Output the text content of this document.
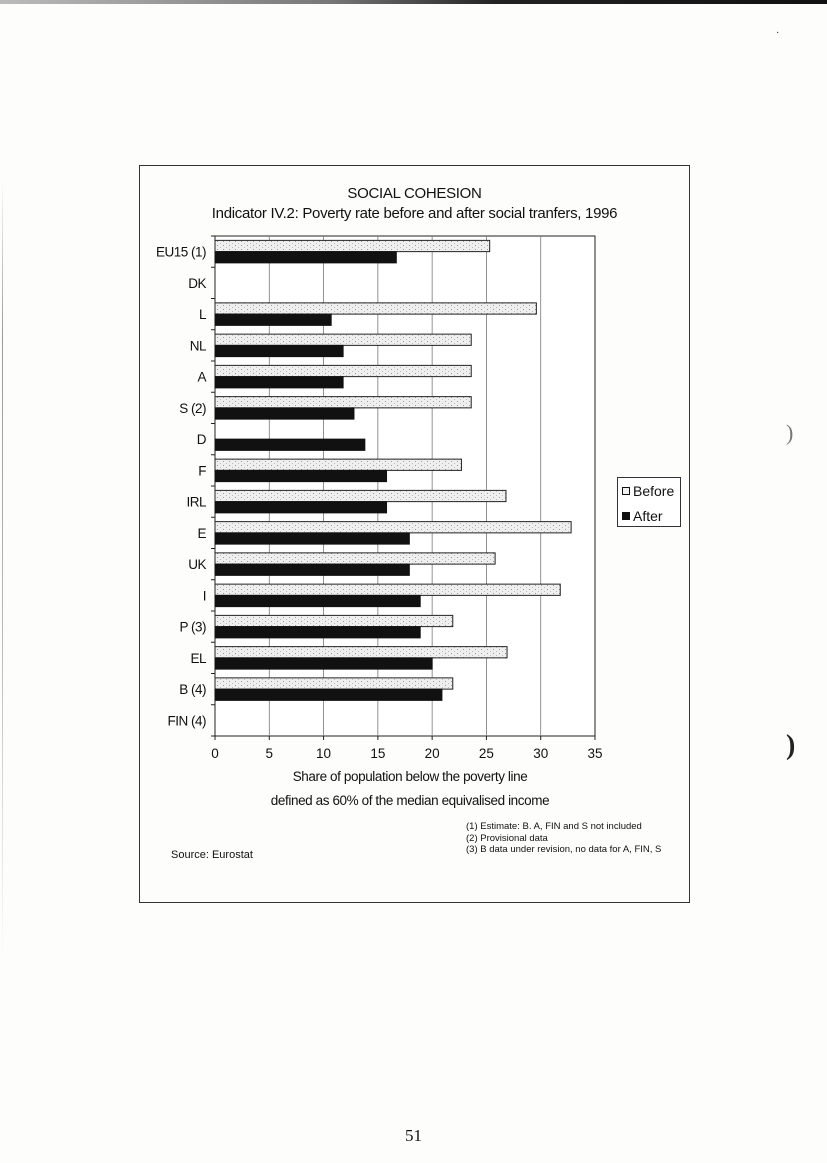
SOCIAL COHESION
Indicator IV.2: Poverty rate before and after social tranfers, 1996
EU15 (1)
DK
L
NL
A
S (2)
D
F
IRL
E
UK
I
P (3)
EL
B (4)
FIN (4)
0	5	10	15	20	25	30	35
Before
After
Share of population below the poverty line
defined as 60% of the median equivalised income
Source: Eurostat

(1) Estimate: B. A, FIN and S not included

(2) Provisional data

(3) B data under revision, no data for A, FIN, S

51
·
)
)
